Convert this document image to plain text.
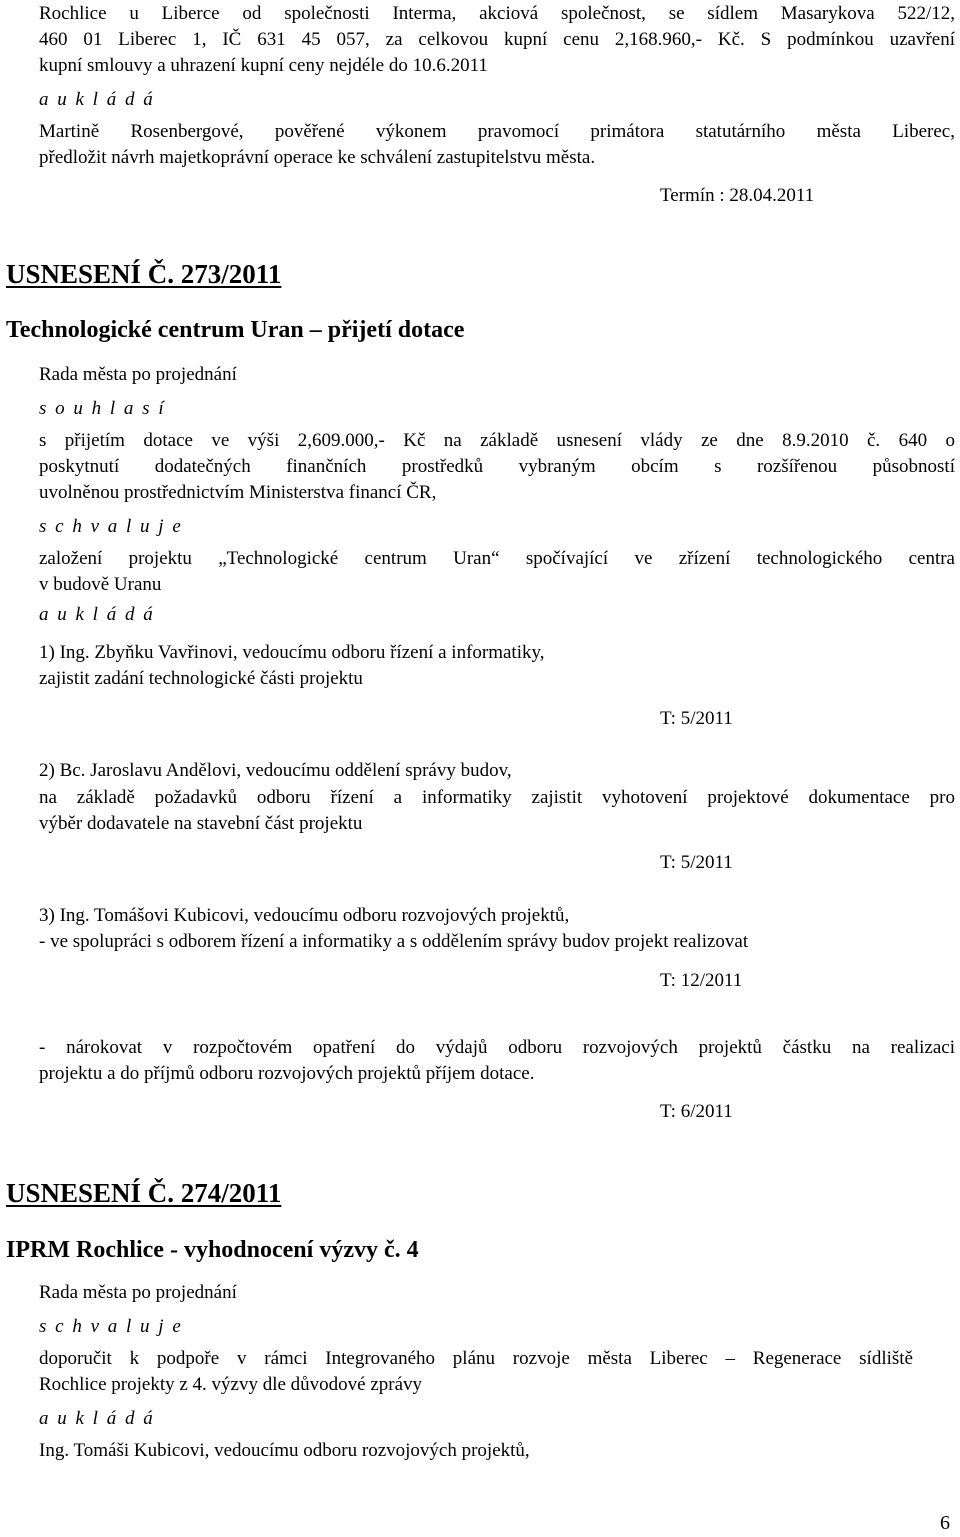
Rochlice u Liberce od společnosti Interma, akciová společnost, se sídlem Masarykova 522/12,
460 01 Liberec 1, IČ 631 45 057, za celkovou kupní cenu 2,168.960,- Kč. S podmínkou uzavření
kupní smlouvy a uhrazení kupní ceny nejdéle do 10.6.2011
a u k l á d á
Martině Rosenbergové, pověřené výkonem pravomocí primátora statutárního města Liberec,
předložit návrh majetkoprávní operace ke schválení zastupitelstvu města.
Termín : 28.04.2011
USNESENÍ Č. 273/2011
Technologické centrum Uran – přijetí dotace
Rada města po projednání
s o u h l a s í
s přijetím dotace ve výši 2,609.000,- Kč na základě usnesení vlády ze dne 8.9.2010 č. 640 o
poskytnutí dodatečných finančních prostředků vybraným obcím s rozšířenou působností
uvolněnou prostřednictvím Ministerstva financí ČR,
s c h v a l u j e
založení projektu „Technologické centrum Uran“ spočívající ve zřízení technologického centra
v budově Uranu
a u k l á d á
1) Ing. Zbyňku Vavřinovi, vedoucímu odboru řízení a informatiky,
zajistit zadání technologické části projektu
T: 5/2011
2) Bc. Jaroslavu Andělovi, vedoucímu oddělení správy budov,
na základě požadavků odboru řízení a informatiky zajistit vyhotovení projektové dokumentace pro
výběr dodavatele na stavební část projektu
T: 5/2011
3) Ing. Tomášovi Kubicovi, vedoucímu odboru rozvojových projektů,
- ve spolupráci s odborem řízení a informatiky a s oddělením správy budov projekt realizovat
T: 12/2011
- nárokovat v rozpočtovém opatření do výdajů odboru rozvojových projektů částku na realizaci
projektu a do příjmů odboru rozvojových projektů příjem dotace.
T: 6/2011
USNESENÍ Č. 274/2011
IPRM Rochlice - vyhodnocení výzvy č. 4
Rada města po projednání
s c h v a l u j e
doporučit k podpoře v rámci Integrovaného plánu rozvoje města Liberec – Regenerace sídliště
Rochlice projekty z 4. výzvy dle důvodové zprávy
a u k l á d á
Ing. Tomáši Kubicovi, vedoucímu odboru rozvojových projektů,
6
